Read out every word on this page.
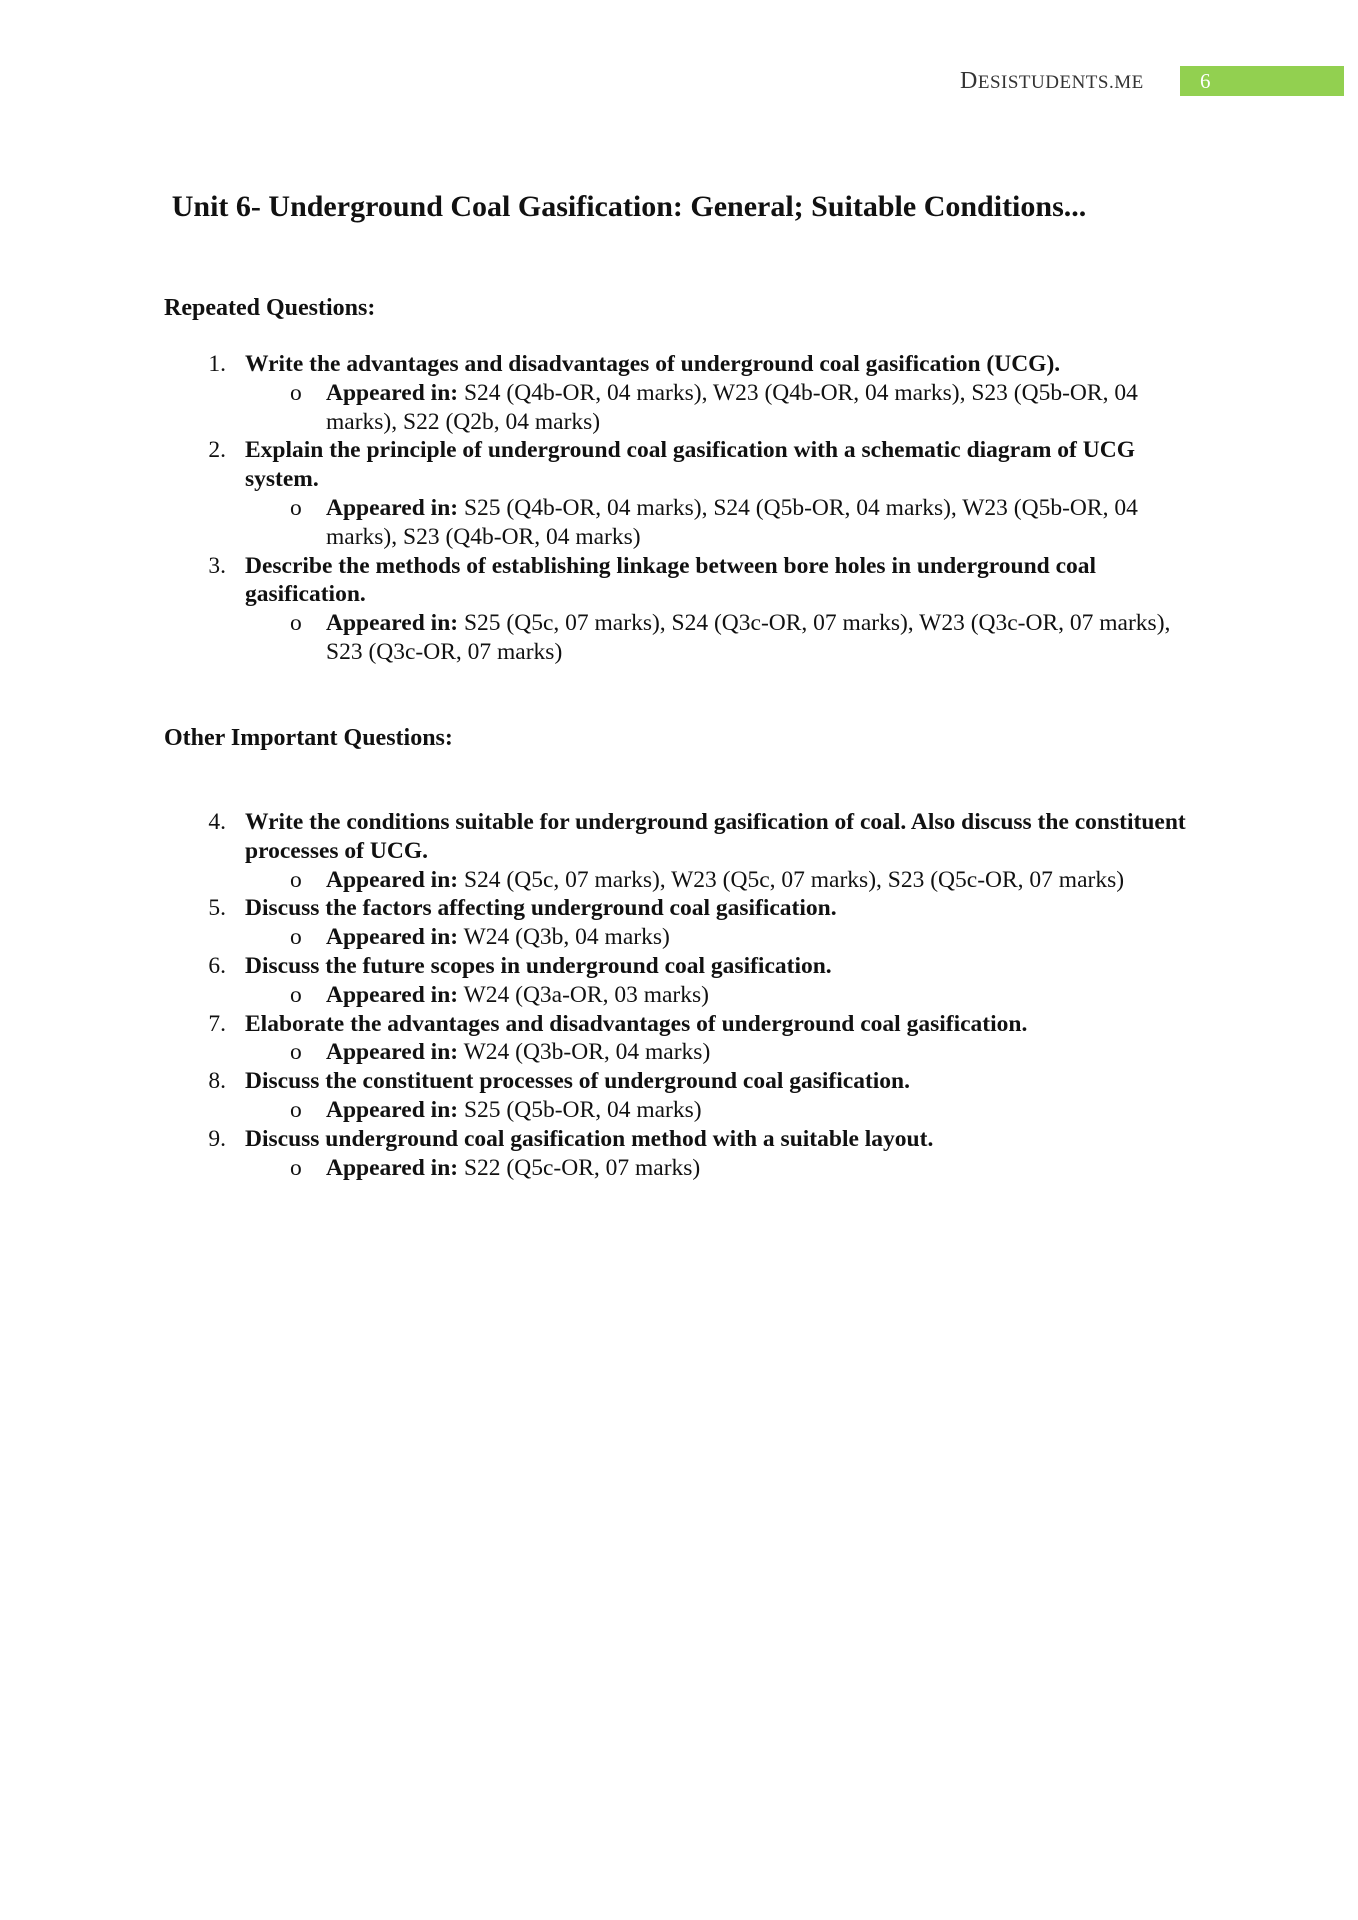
DESISTUDENTS.ME	6
Unit 6- Underground Coal Gasification: General; Suitable Conditions...
Repeated Questions:
1. Write the advantages and disadvantages of underground coal gasification (UCG).
o	Appeared in: S24 (Q4b-OR, 04 marks), W23 (Q4b-OR, 04 marks), S23 (Q5b-OR, 04 marks), S22 (Q2b, 04 marks)
2. Explain the principle of underground coal gasification with a schematic diagram of UCG system.
o	Appeared in: S25 (Q4b-OR, 04 marks), S24 (Q5b-OR, 04 marks), W23 (Q5b-OR, 04 marks), S23 (Q4b-OR, 04 marks)
3. Describe the methods of establishing linkage between bore holes in underground coal gasification.
o	Appeared in: S25 (Q5c, 07 marks), S24 (Q3c-OR, 07 marks), W23 (Q3c-OR, 07 marks), S23 (Q3c-OR, 07 marks)
Other Important Questions:
4. Write the conditions suitable for underground gasification of coal. Also discuss the constituent processes of UCG.
o	Appeared in: S24 (Q5c, 07 marks), W23 (Q5c, 07 marks), S23 (Q5c-OR, 07 marks)
5. Discuss the factors affecting underground coal gasification.
o	Appeared in: W24 (Q3b, 04 marks)
6. Discuss the future scopes in underground coal gasification.
o	Appeared in: W24 (Q3a-OR, 03 marks)
7. Elaborate the advantages and disadvantages of underground coal gasification.
o	Appeared in: W24 (Q3b-OR, 04 marks)
8. Discuss the constituent processes of underground coal gasification.
o	Appeared in: S25 (Q5b-OR, 04 marks)
9. Discuss underground coal gasification method with a suitable layout.
o	Appeared in: S22 (Q5c-OR, 07 marks)
